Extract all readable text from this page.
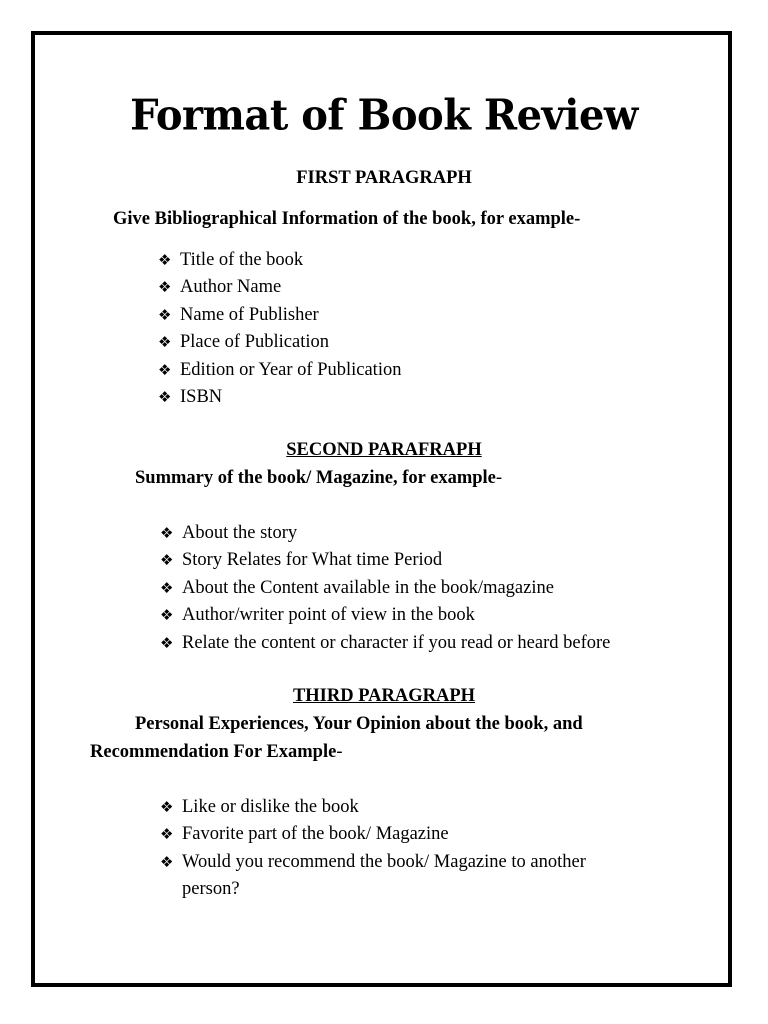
Format of Book Review
FIRST PARAGRAPH
Give Bibliographical Information of the book, for example-
❖ Title of the book
❖ Author Name
❖ Name of Publisher
❖ Place of Publication
❖ Edition or Year of Publication
❖ ISBN
SECOND PARAFRAPH
Summary of the book/ Magazine, for example-
❖ About the story
❖ Story Relates for What time Period
❖ About the Content available in the book/magazine
❖ Author/writer point of view in the book
❖ Relate the content or character if you read or heard before
THIRD PARAGRAPH
Personal Experiences, Your Opinion about the book, and
Recommendation For Example-
❖ Like or dislike the book
❖ Favorite part of the book/ Magazine
❖ Would you recommend the book/ Magazine to another person?
